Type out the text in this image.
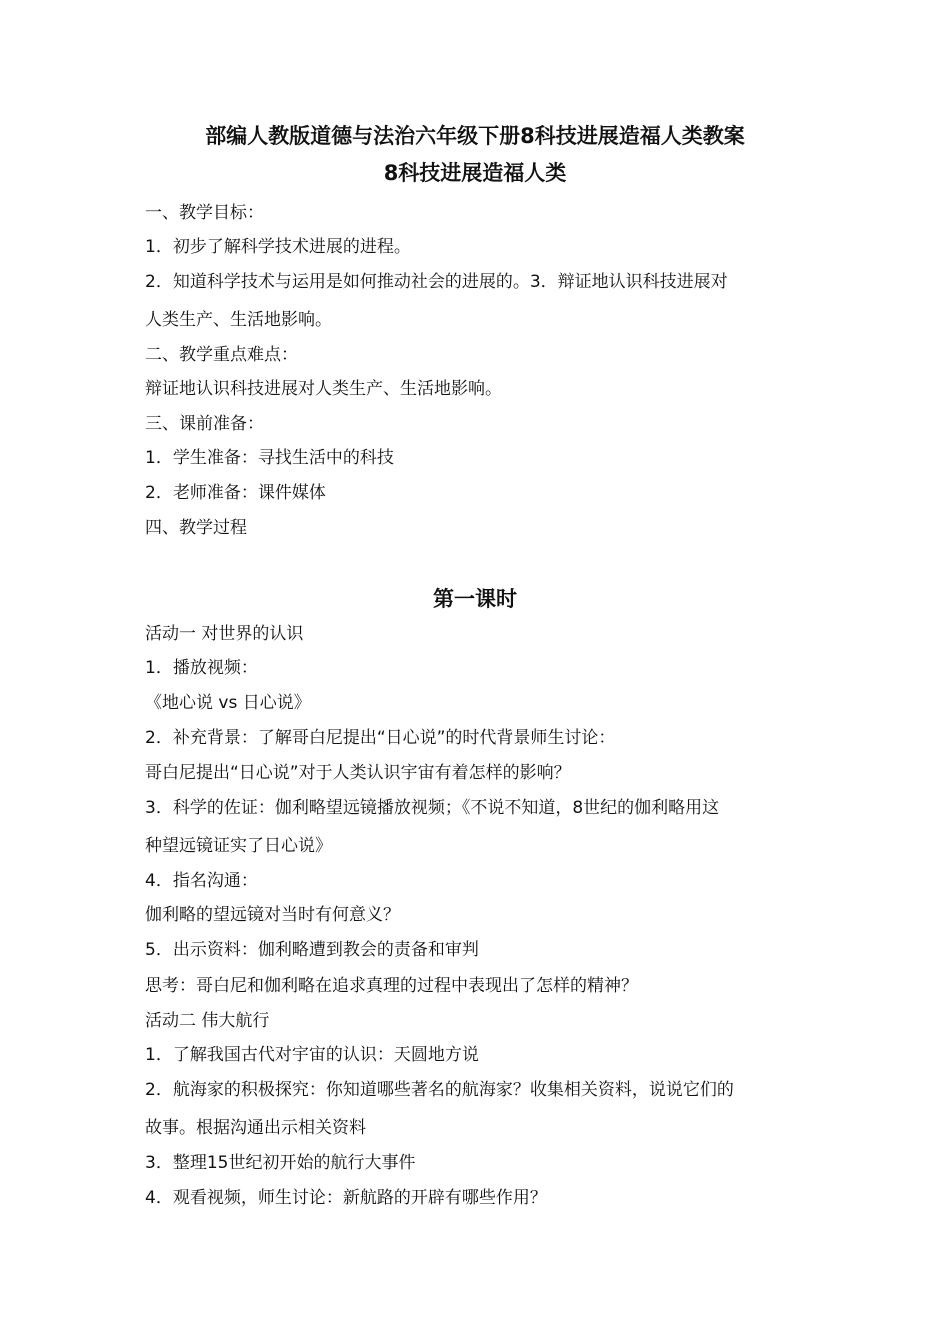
部编人教版道德与法治六年级下册8科技进展造福人类教案
8科技进展造福人类

一、教学目标：

1．初步了解科学技术进展的进程。

2．知道科学技术与运用是如何推动社会的进展的。3．辩证地认识科技进展对

人类生产、生活地影响。

二、教学重点难点：

辩证地认识科技进展对人类生产、生活地影响。

三、课前准备：

1．学生准备：寻找生活中的科技

2．老师准备：课件媒体

四、教学过程

第一课时

活动一 对世界的认识

1．播放视频：

《地心说 vs 日心说》

2．补充背景：了解哥白尼提出“日心说”的时代背景师生讨论：

哥白尼提出“日心说”对于人类认识宇宙有着怎样的影响？

3．科学的佐证：伽利略望远镜播放视频；《不说不知道，8世纪的伽利略用这

种望远镜证实了日心说》

4．指名沟通：

伽利略的望远镜对当时有何意义？

5．出示资料：伽利略遭到教会的责备和审判

思考：哥白尼和伽利略在追求真理的过程中表现出了怎样的精神？

活动二 伟大航行

1．了解我国古代对宇宙的认识：天圆地方说

2．航海家的积极探究：你知道哪些著名的航海家？收集相关资料，说说它们的

故事。根据沟通出示相关资料

3．整理15世纪初开始的航行大事件

4．观看视频，师生讨论：新航路的开辟有哪些作用？
